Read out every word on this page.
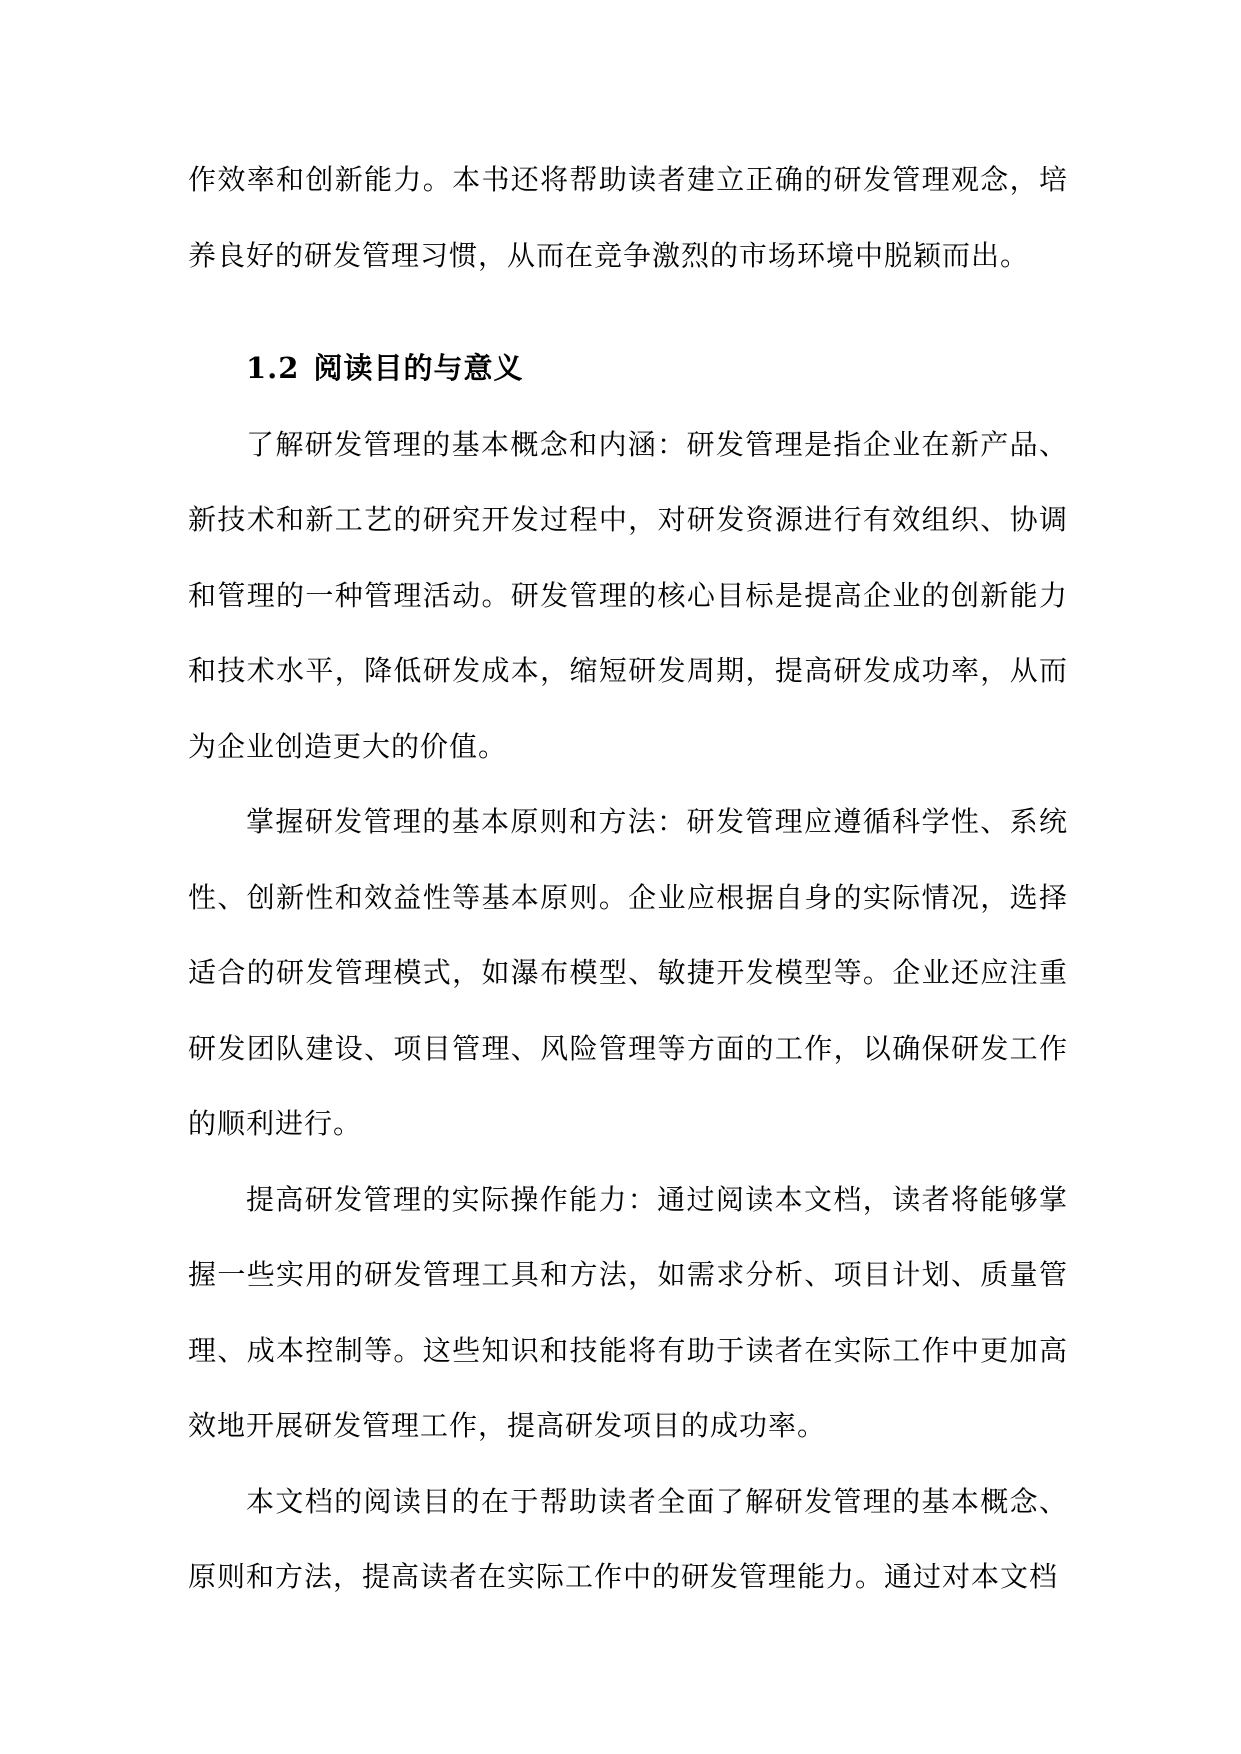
作效率和创新能力。本书还将帮助读者建立正确的研发管理观念，培养良好的研发管理习惯，从而在竞争激烈的市场环境中脱颖而出。

1.2 阅读目的与意义

了解研发管理的基本概念和内涵：研发管理是指企业在新产品、新技术和新工艺的研究开发过程中，对研发资源进行有效组织、协调和管理的一种管理活动。研发管理的核心目标是提高企业的创新能力和技术水平，降低研发成本，缩短研发周期，提高研发成功率，从而为企业创造更大的价值。

掌握研发管理的基本原则和方法：研发管理应遵循科学性、系统性、创新性和效益性等基本原则。企业应根据自身的实际情况，选择适合的研发管理模式，如瀑布模型、敏捷开发模型等。企业还应注重研发团队建设、项目管理、风险管理等方面的工作，以确保研发工作的顺利进行。

提高研发管理的实际操作能力：通过阅读本文档，读者将能够掌握一些实用的研发管理工具和方法，如需求分析、项目计划、质量管理、成本控制等。这些知识和技能将有助于读者在实际工作中更加高效地开展研发管理工作，提高研发项目的成功率。

本文档的阅读目的在于帮助读者全面了解研发管理的基本概念、原则和方法，提高读者在实际工作中的研发管理能力。通过对本文档
